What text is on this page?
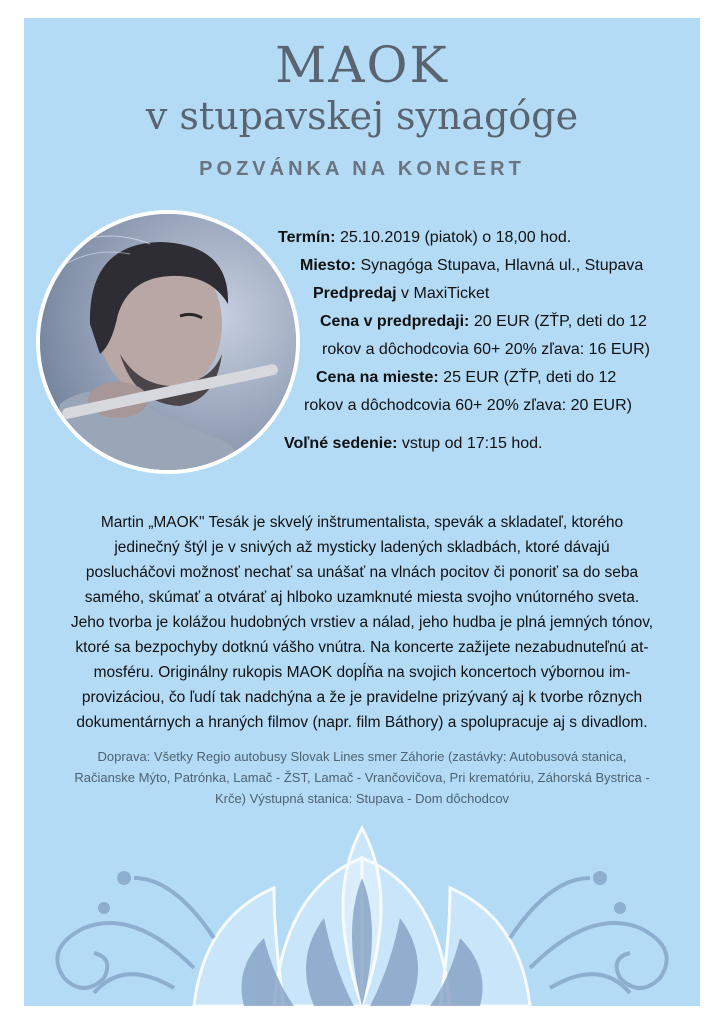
MAOK
v stupavskej synagóge
POZVÁNKA NA KONCERT
Termín: 25.10.2019 (piatok) o 18,00 hod.
Miesto: Synagóga Stupava, Hlavná ul., Stupava
Predpredaj v MaxiTicket
Cena v predpredaji: 20 EUR (ZŤP, deti do 12
rokov a dôchodcovia 60+ 20% zľava: 16 EUR)
Cena na mieste: 25 EUR (ZŤP, deti do 12
rokov a dôchodcovia 60+ 20% zľava: 20 EUR)
Voľné sedenie: vstup od 17:15 hod.

Martin „MAOK" Tesák je skvelý inštrumentalista, spevák a skladateľ, ktorého

jedinečný štýl je v snivých až mysticky ladených skladbách, ktoré dávajú

poslucháčovi možnosť nechať sa unášať na vlnách pocitov či ponoriť sa do seba

samého, skúmať a otvárať aj hlboko uzamknuté miesta svojho vnútorného sveta.

Jeho tvorba je kolážou hudobných vrstiev a nálad, jeho hudba je plná jemných tónov,

ktoré sa bezpochyby dotknú vášho vnútra. Na koncerte zažijete nezabudnuteľnú at-

mosféru. Originálny rukopis MAOK dopĺňa na svojich koncertoch výbornou im-

provizáciou, čo ľudí tak nadchýna a že je pravidelne prizývaný aj k tvorbe rôznych

dokumentárnych a hraných filmov (napr. film Báthory) a spolupracuje aj s divadlom.

Doprava: Všetky Regio autobusy Slovak Lines smer Záhorie (zastávky: Autobusová stanica,

Račianske Mýto, Patrónka, Lamač - ŽST, Lamač - Vrančovičova, Pri krematóriu, Záhorská Bystrica -

Krče) Výstupná stanica: Stupava - Dom dôchodcov
